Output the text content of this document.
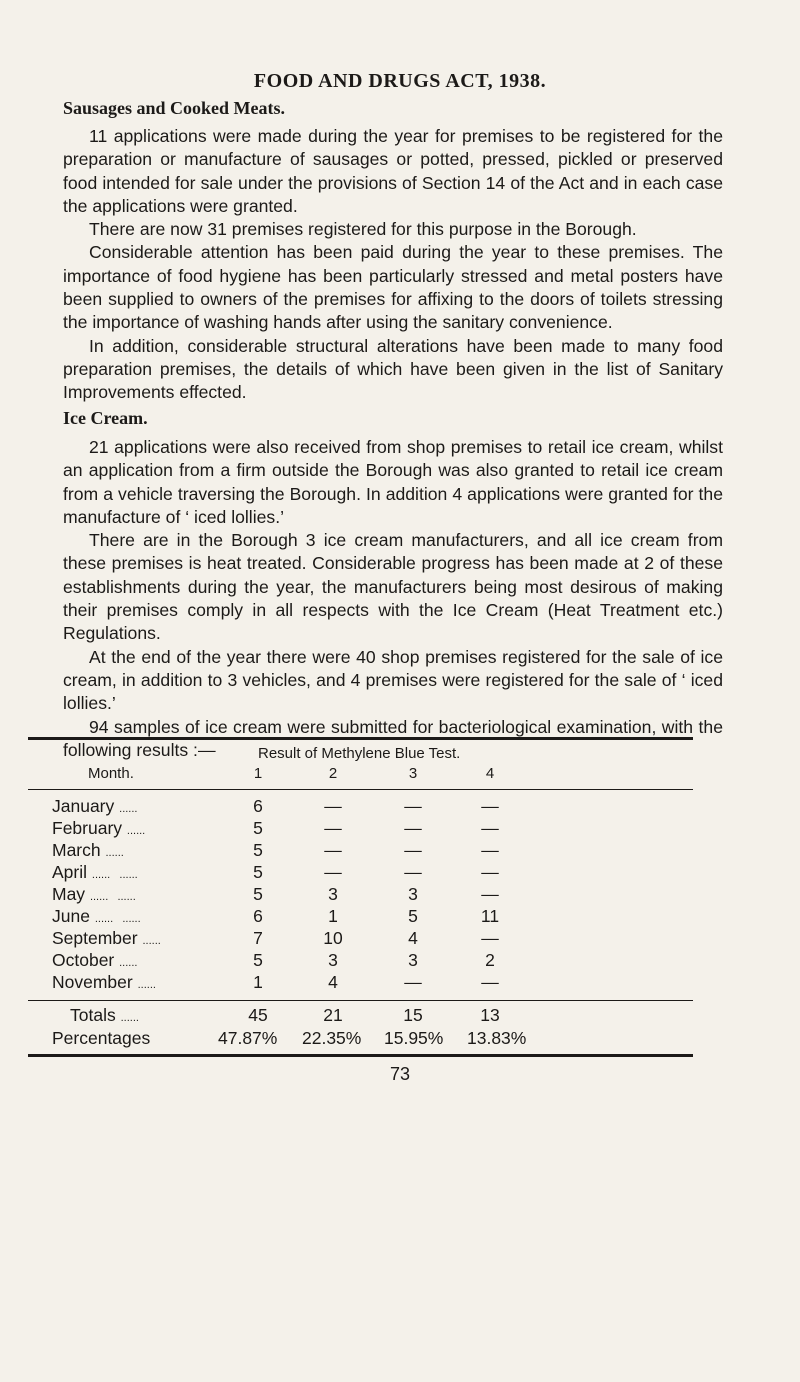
FOOD AND DRUGS ACT, 1938.
Sausages and Cooked Meats.

11 applications were made during the year for premises to be registered for the preparation or manufacture of sausages or potted, pressed, pickled or preserved food intended for sale under the provisions of Section 14 of the Act and in each case the applications were granted.

There are now 31 premises registered for this purpose in the Borough.

Considerable attention has been paid during the year to these premises. The importance of food hygiene has been particularly stressed and metal posters have been supplied to owners of the premises for affixing to the doors of toilets stressing the importance of washing hands after using the sanitary convenience.

In addition, considerable structural alterations have been made to many food preparation premises, the details of which have been given in the list of Sanitary Improvements effected.

Ice Cream.

21 applications were also received from shop premises to retail ice cream, whilst an application from a firm outside the Borough was also granted to retail ice cream from a vehicle traversing the Borough. In addition 4 applications were granted for the manufacture of ‘ iced lollies.’

There are in the Borough 3 ice cream manufacturers, and all ice cream from these premises is heat treated. Considerable progress has been made at 2 of these establishments during the year, the manufacturers being most desirous of making their premises comply in all respects with the Ice Cream (Heat Treatment etc.) Regulations.

At the end of the year there were 40 shop premises registered for the sale of ice cream, in addition to 3 vehicles, and 4 premises were registered for the sale of ‘ iced lollies.’

94 samples of ice cream were submitted for bacteriological examination, with the following results :—	Result of Methylene Blue Test.
Month.	1	2	3	4
January ......	6	—	—	—
February ......	5	—	—	—
March ......	5	—	—	—
April ......   ......	5	—	—	—
May ......   ......	5	3	3	—
June ......   ......	6	1	5	11
September ......	7	10	4	—
October ......	5	3	3	2
November ......	1	4	—	—
Totals ......	45	21	15	13
Percentages	47.87% 22.35% 15.95% 13.83%
73
